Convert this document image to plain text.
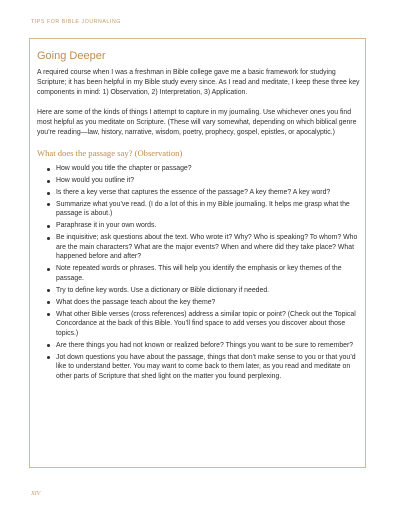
TIPS FOR BIBLE JOURNALING
Going Deeper

A required course when I was a freshman in Bible college gave me a basic framework for studying Scripture; it has been helpful in my Bible study every since. As I read and meditate, I keep these three key components in mind: 1) Observation, 2) Interpretation, 3) Application.

Here are some of the kinds of things I attempt to capture in my journaling. Use whichever ones you find most helpful as you meditate on Scripture. (These will vary somewhat, depending on which biblical genre you’re reading—law, history, narrative, wisdom, poetry, prophecy, gospel, epistles, or apocalyptic.)

What does the passage say? (Observation)
How would you title the chapter or passage?
How would you outline it?
Is there a key verse that captures the essence of the passage? A key theme? A key word?
Summarize what you’ve read. (I do a lot of this in my Bible journaling. It helps me grasp what the passage is about.)
Paraphrase it in your own words.
Be inquisitive; ask questions about the text. Who wrote it? Why? Who is speaking? To whom? Who are the main characters? What are the major events? When and where did they take place? What happened before and after?
Note repeated words or phrases. This will help you identify the emphasis or key themes of the passage.
Try to define key words. Use a dictionary or Bible dictionary if needed.
What does the passage teach about the key theme?
What other Bible verses (cross references) address a similar topic or point? (Check out the Topical Concordance at the back of this Bible. You’ll find space to add verses you discover about those topics.)
Are there things you had not known or realized before? Things you want to be sure to remember?
Jot down questions you have about the passage, things that don’t make sense to you or that you’d like to understand better. You may want to come back to them later, as you read and meditate on other parts of Scripture that shed light on the matter you found perplexing.
XIV
